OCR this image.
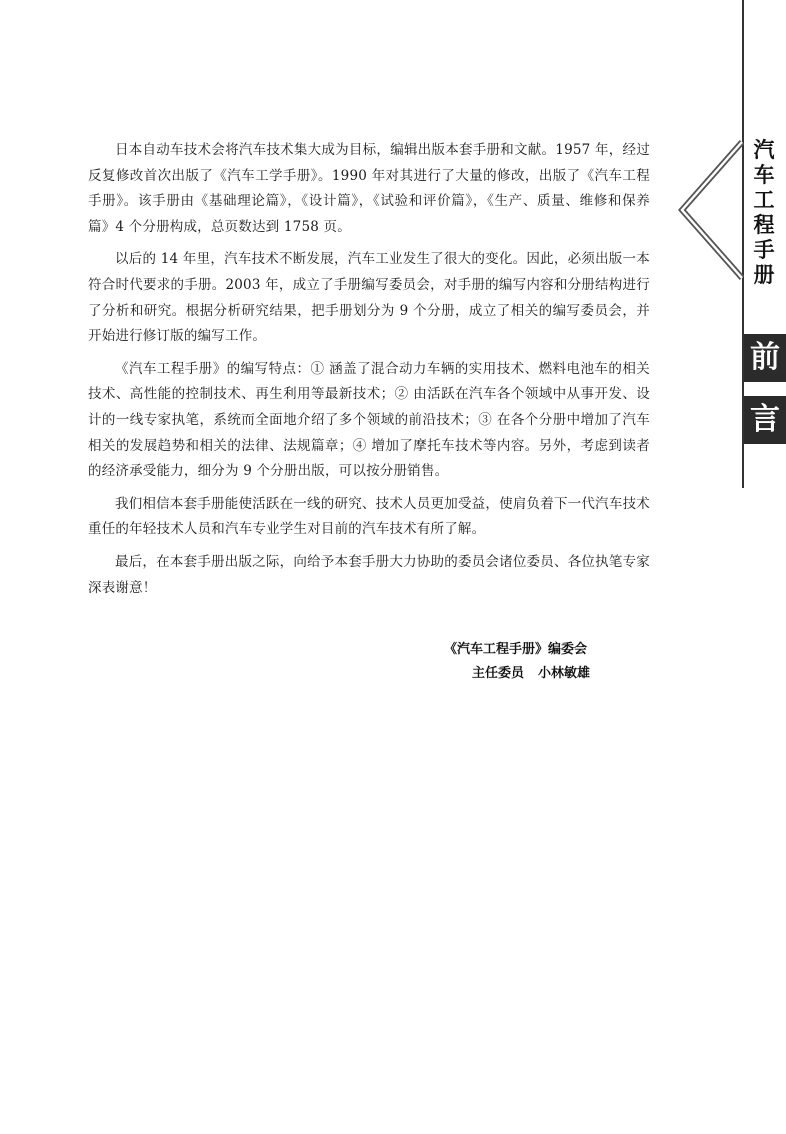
汽
车
工
程
手
册
前
言

日本自动车技术会将汽车技术集大成为目标，编辑出版本套手册和文献。1957 年，经过反复修改首次出版了《汽车工学手册》。1990 年对其进行了大量的修改，出版了《汽车工程手册》。该手册由《基础理论篇》，《设计篇》，《试验和评价篇》，《生产、质量、维修和保养篇》4 个分册构成，总页数达到 1758 页。

以后的 14 年里，汽车技术不断发展，汽车工业发生了很大的变化。因此，必须出版一本符合时代要求的手册。2003 年，成立了手册编写委员会，对手册的编写内容和分册结构进行了分析和研究。根据分析研究结果，把手册划分为 9 个分册，成立了相关的编写委员会，并开始进行修订版的编写工作。

《汽车工程手册》的编写特点：① 涵盖了混合动力车辆的实用技术、燃料电池车的相关技术、高性能的控制技术、再生利用等最新技术；② 由活跃在汽车各个领域中从事开发、设计的一线专家执笔，系统而全面地介绍了多个领域的前沿技术；③ 在各个分册中增加了汽车相关的发展趋势和相关的法律、法规篇章；④ 增加了摩托车技术等内容。另外，考虑到读者的经济承受能力，细分为 9 个分册出版，可以按分册销售。

我们相信本套手册能使活跃在一线的研究、技术人员更加受益，使肩负着下一代汽车技术重任的年轻技术人员和汽车专业学生对目前的汽车技术有所了解。

最后，在本套手册出版之际，向给予本套手册大力协助的委员会诸位委员、各位执笔专家深表谢意！

《汽车工程手册》编委会
主任委员 小林敏雄
